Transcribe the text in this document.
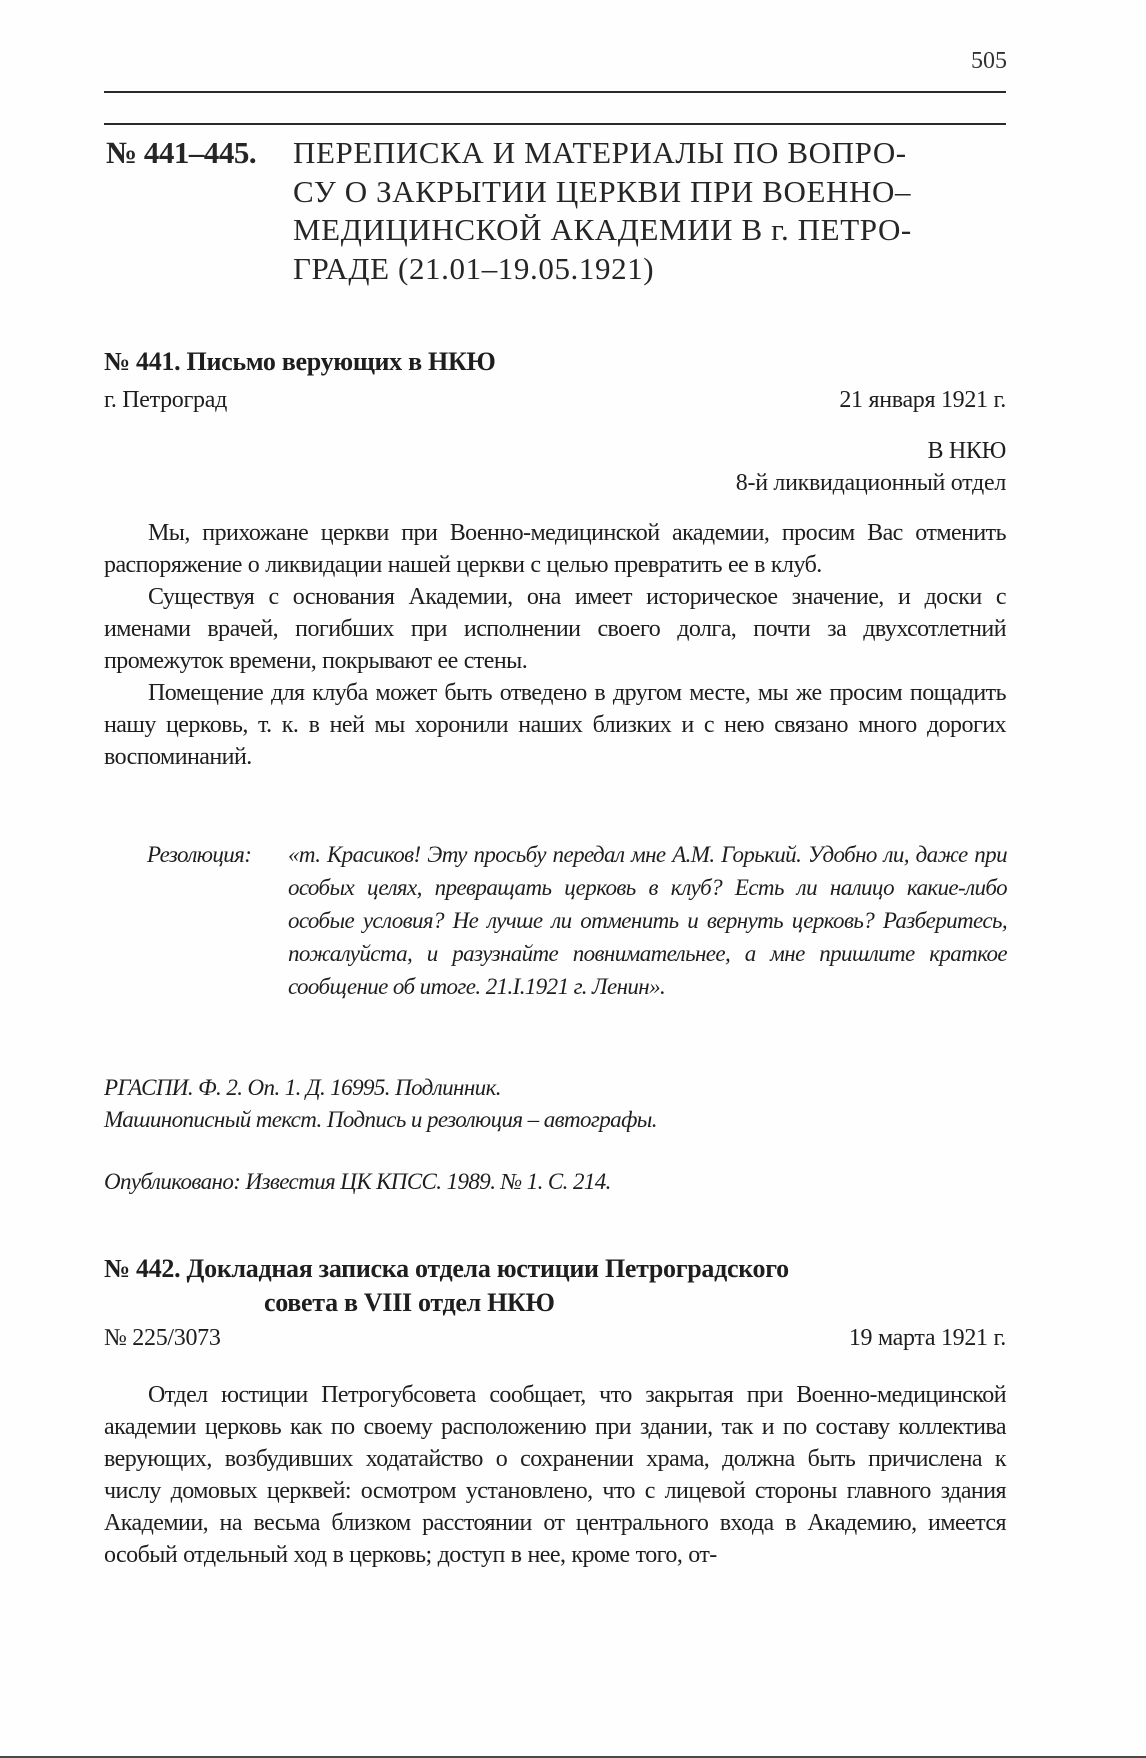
505
№ 441–445. ПЕРЕПИСКА И МАТЕРИАЛЫ ПО ВОПРО-
СУ О ЗАКРЫТИИ ЦЕРКВИ ПРИ ВОЕННО–
МЕДИЦИНСКОЙ АКАДЕМИИ В г. ПЕТРО-
ГРАДЕ (21.01–19.05.1921)
№ 441. Письмо верующих в НКЮ
г. Петроград	21 января 1921 г.
В НКЮ
8-й ликвидационный отдел

Мы, прихожане церкви при Военно-медицинской академии, просим Вас отменить распоряжение о ликвидации нашей церкви с целью превратить ее в клуб.

Существуя с основания Академии, она имеет историческое значение, и доски с именами врачей, погибших при исполнении своего долга, почти за двухсотлетний промежуток времени, покрывают ее стены.

Помещение для клуба может быть отведено в другом месте, мы же просим пощадить нашу церковь, т. к. в ней мы хоронили наших близких и с нею связано много дорогих воспоминаний.

Резолюция: «т. Красиков! Эту просьбу передал мне А.М. Горький. Удобно ли, даже при особых целях, превращать церковь в клуб? Есть ли налицо какие-либо особые условия? Не лучше ли отменить и вернуть церковь? Разберитесь, пожалуйста, и разузнайте повнимательнее, а мне пришлите краткое сообщение об итоге. 21.I.1921 г. Ленин».
РГАСПИ. Ф. 2. Оп. 1. Д. 16995. Подлинник.
Машинописный текст. Подпись и резолюция – автографы.
Опубликовано: Известия ЦК КПСС. 1989. № 1. С. 214.
№ 442. Докладная записка отдела юстиции Петроградского
совета в VIII отдел НКЮ
№ 225/3073	19 марта 1921 г.

Отдел юстиции Петрогубсовета сообщает, что закрытая при Военно-медицинской академии церковь как по своему расположению при здании, так и по составу коллектива верующих, возбудивших ходатайство о сохранении храма, должна быть причислена к числу домовых церквей: осмотром установлено, что с лицевой стороны главного здания Академии, на весьма близком расстоянии от центрального входа в Академию, имеется особый отдельный ход в церковь; доступ в нее, кроме того, от-
